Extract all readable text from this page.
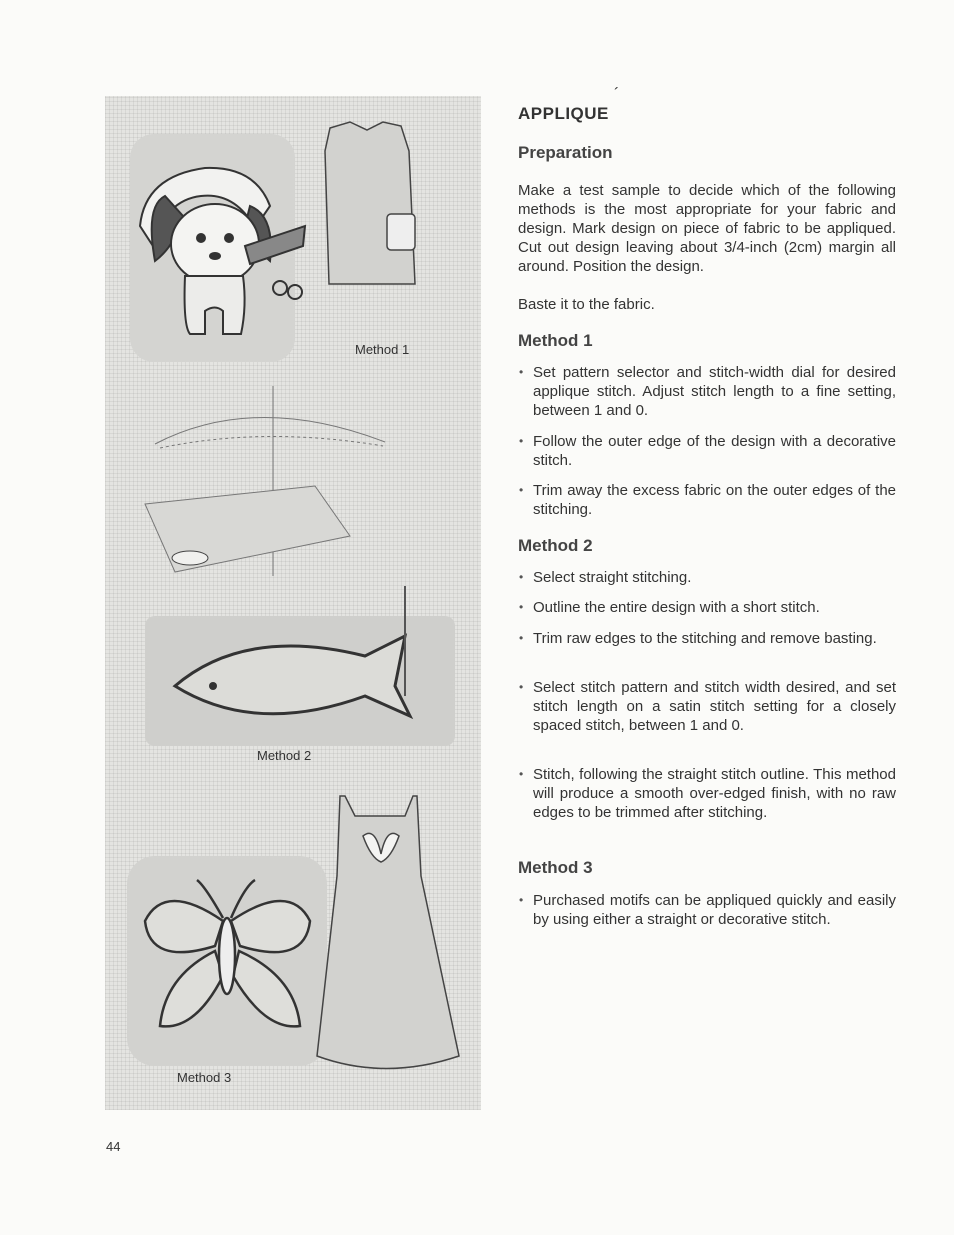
Method 1
Method 2
Method 3
´
APPLIQUE
Preparation

Make a test sample to decide which of the following methods is the most appropriate for your fabric and design. Mark design on piece of fabric to be appliqued. Cut out design leaving about 3/4-inch (2cm) margin all around. Position the design.

Baste it to the fabric.

Method 1

• Set pattern selector and stitch-width dial for desired applique stitch. Adjust stitch length to a fine setting, between 1 and 0.

• Follow the outer edge of the design with a decorative stitch.

• Trim away the excess fabric on the outer edges of the stitching.

Method 2

• Select straight stitching.

• Outline the entire design with a short stitch.

• Trim raw edges to the stitching and remove basting.

• Select stitch pattern and stitch width desired, and set stitch length on a satin stitch setting for a closely spaced stitch, between 1 and 0.

• Stitch, following the straight stitch outline. This method will produce a smooth over-edged finish, with no raw edges to be trimmed after stitching.

Method 3

• Purchased motifs can be appliqued quickly and easily by using either a straight or decorative stitch.

44
